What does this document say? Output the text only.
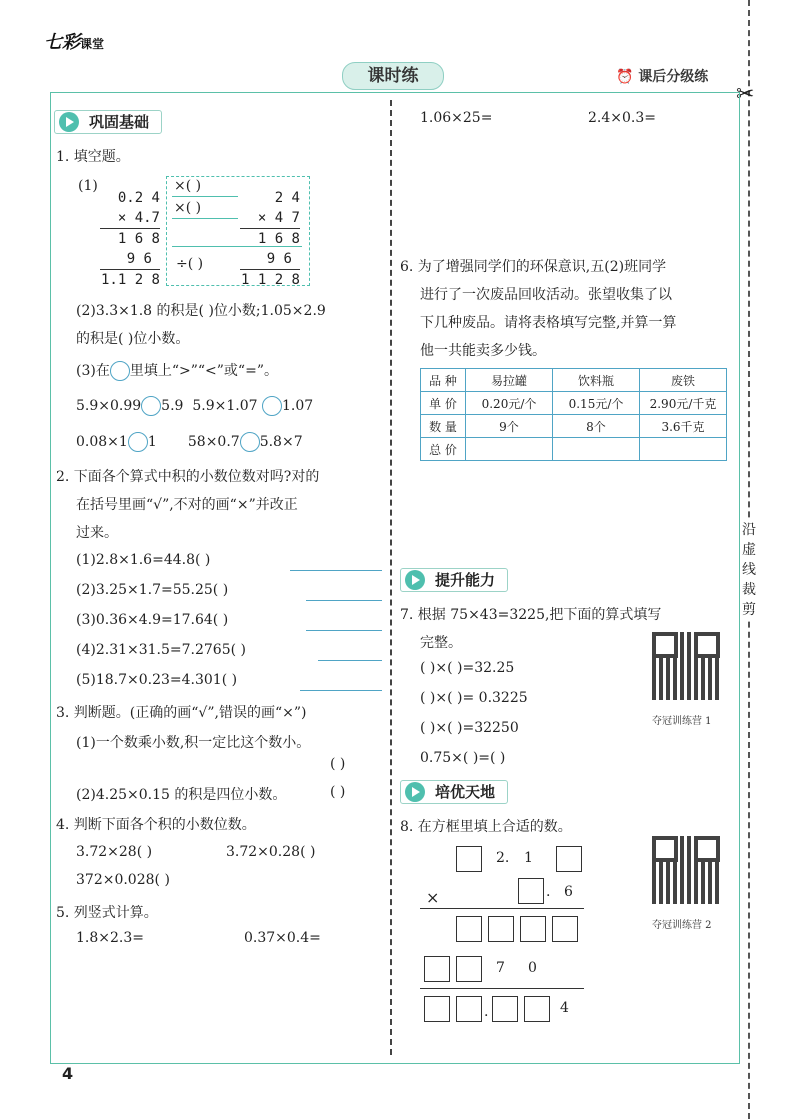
七彩课堂
课时练	⏰ 课后分级练
✂
沿
虚
线
裁
剪
巩固基础
1. 填空题。
(1)
0.2 4
× 4.7
1 6 8
9 6
1.1 2 8
×( )
×( )
÷( )
2 4
× 4 7
1 6 8
9 6
1 1 2 8
(2)3.3×1.8 的积是( )位小数;1.05×2.9
的积是( )位小数。
(3)在 里填上“>”“<”或“=”。
5.9×0.99 5.9 5.9×1.07 1.07
0.08×1 1 58×0.7 5.8×7
2. 下面各个算式中积的小数位数对吗?对的
在括号里画“√”,不对的画“×”并改正
过来。
(1)2.8×1.6=44.8( )
(2)3.25×1.7=55.25( )
(3)0.36×4.9=17.64( )
(4)2.31×31.5=7.2765( )
(5)18.7×0.23=4.301( )
3. 判断题。(正确的画“√”,错误的画“×”)
(1)一个数乘小数,积一定比这个数小。
( )
(2)4.25×0.15 的积是四位小数。	( )
4. 判断下面各个积的小数位数。
3.72×28( )	3.72×0.28( )
372×0.028( )
5. 列竖式计算。
1.8×2.3=	0.37×0.4=
1.06×25=	2.4×0.3=
6. 为了增强同学们的环保意识,五(2)班同学
进行了一次废品回收活动。张望收集了以
下几种废品。请将表格填写完整,并算一算
他一共能卖多少钱。
品 种	易拉罐	饮料瓶	废铁
单 价	0.20元/个	0.15元/个	2.90元/千克
数 量	9个	8个	3.6千克
总 价			
提升能力
7. 根据 75×43=3225,把下面的算式填写
完整。
( )×( )=32.25
( )×( )= 0.3225
( )×( )=32250
0.75×( )=( )
夺冠训练营 1
培优天地
8. 在方框里填上合适的数。
2. 1
×	. 6
7 0
.	4
夺冠训练营 2
4
